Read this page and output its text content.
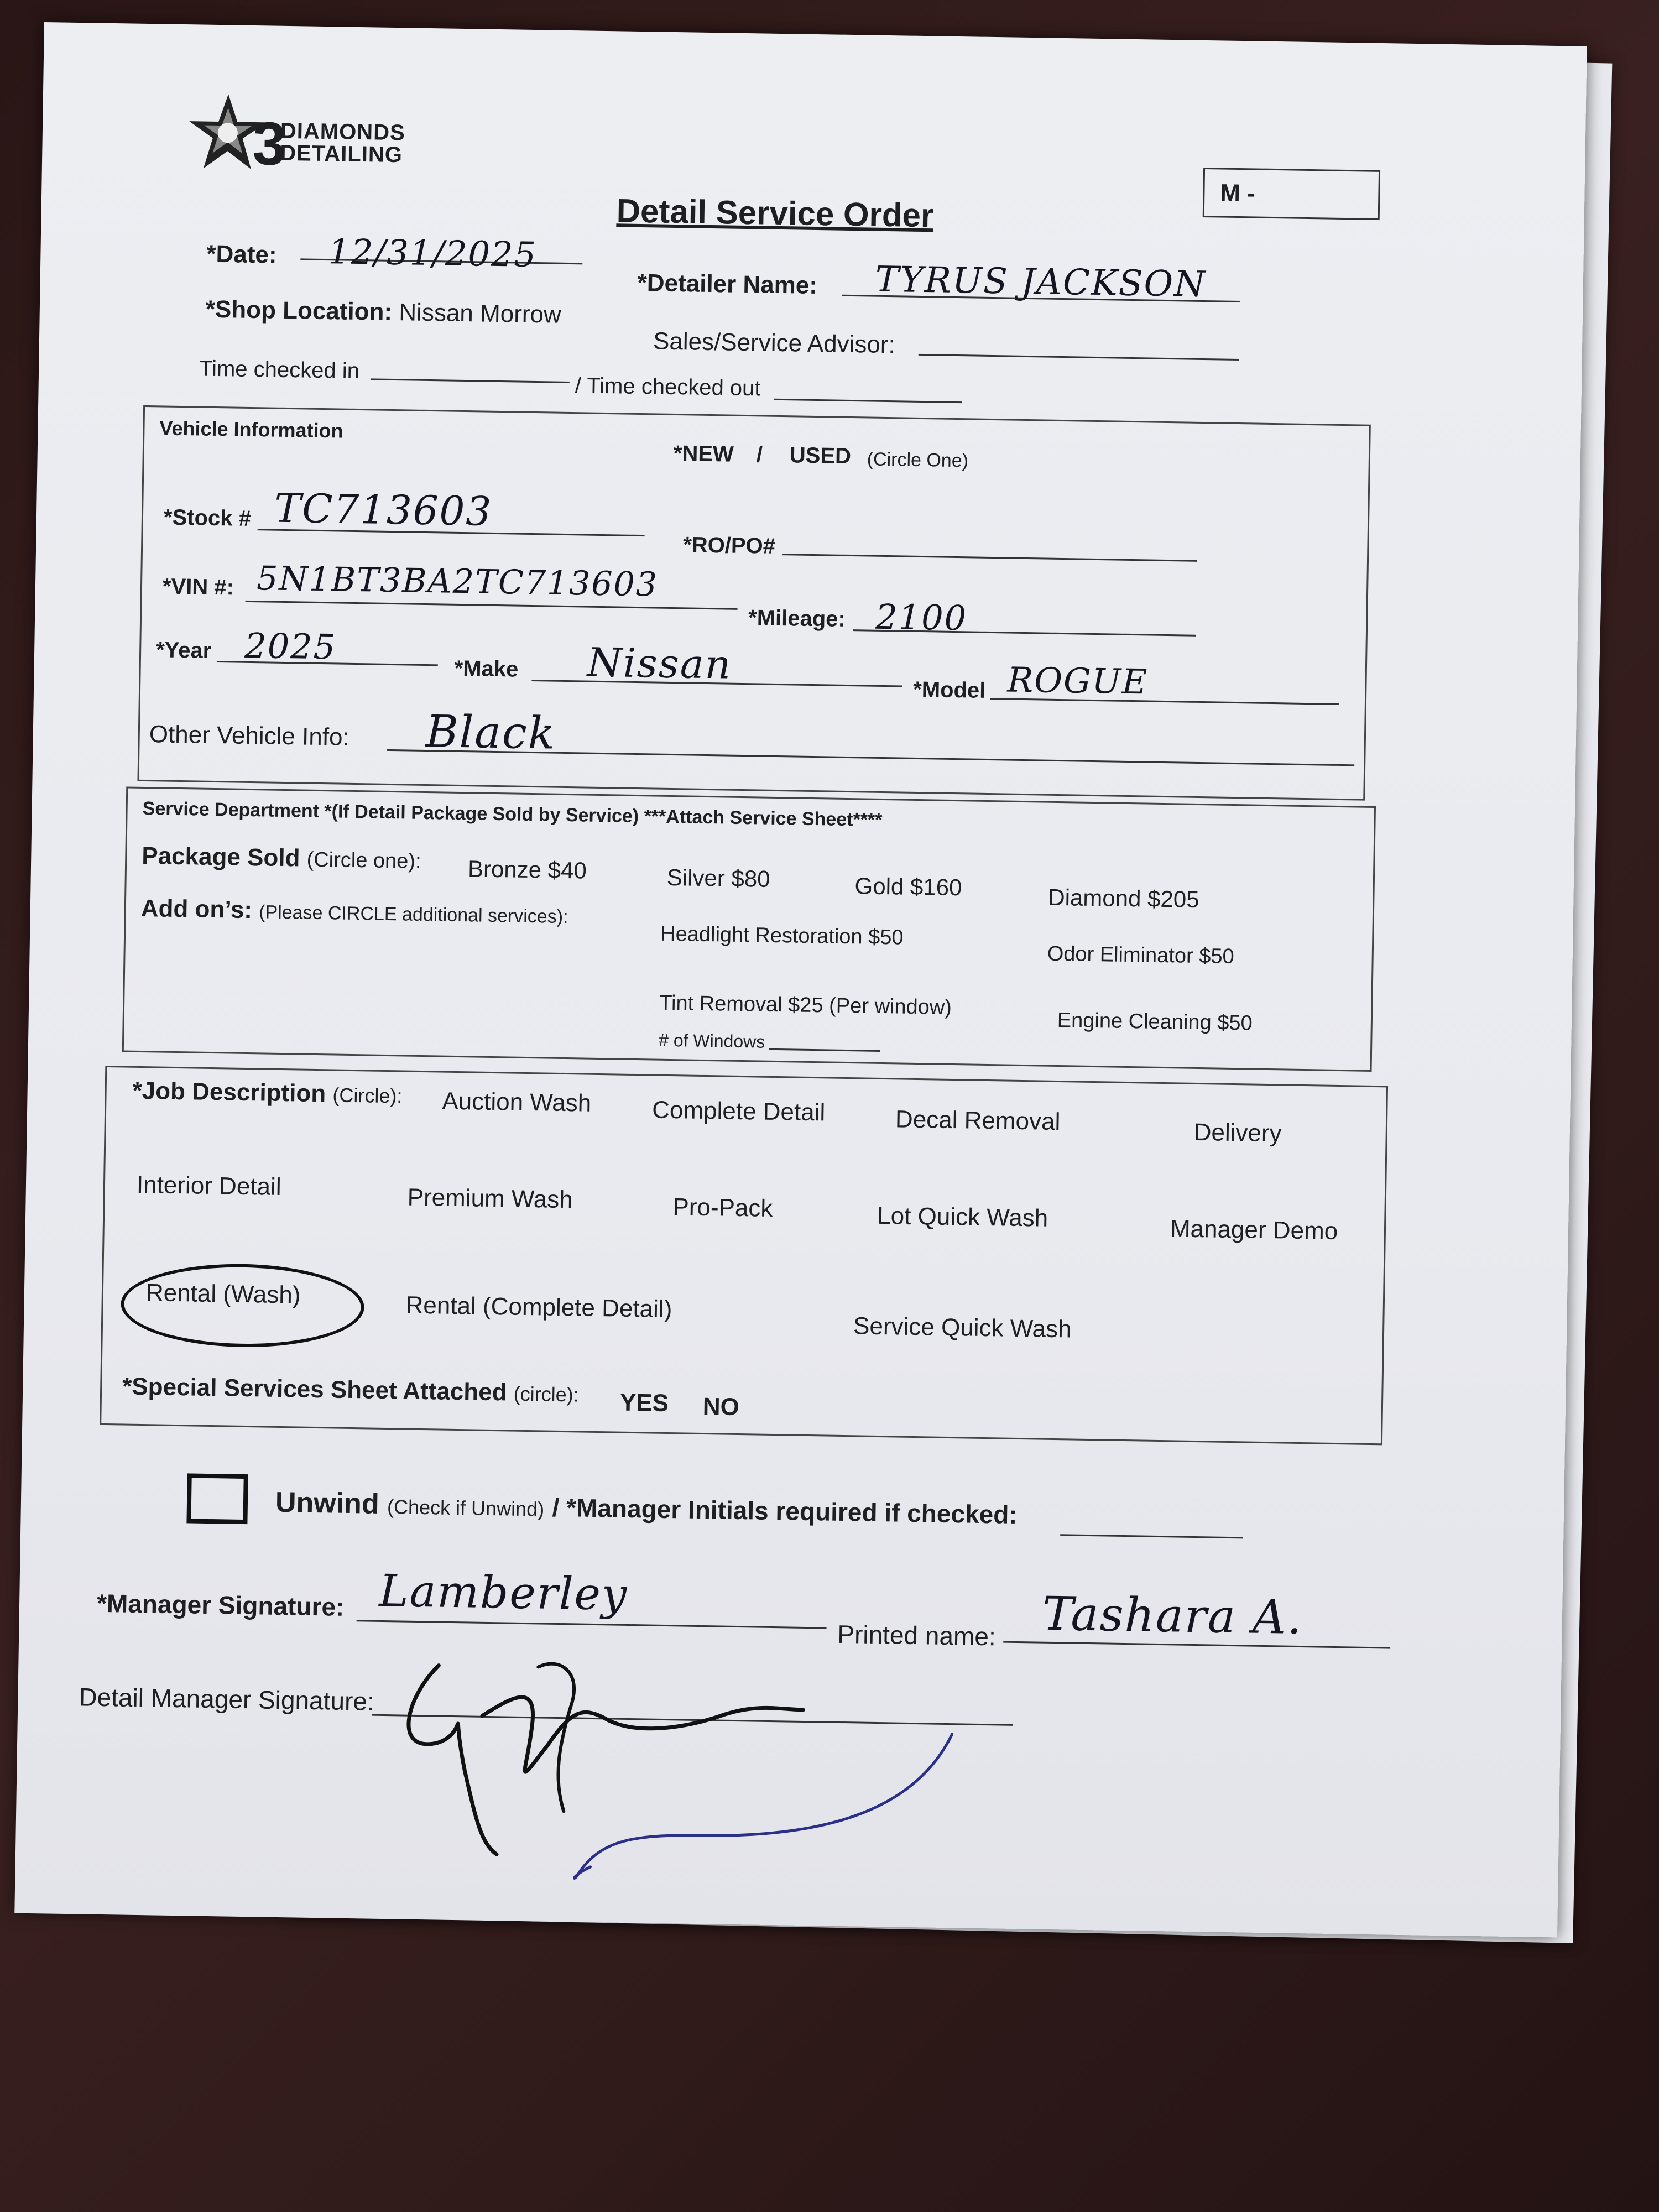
3
DIAMONDS
DETAILING
M -
Detail Service Order
*Date: 12/31/2025
*Detailer Name: TYRUS JACKSON
*Shop Location: Nissan Morrow
Sales/Service Advisor:
Time checked in
/ Time checked out
Vehicle Information
*NEW / USED (Circle One)
*Stock # TC713603
*RO/PO#
*VIN #: 5N1BT3BA2TC713603
*Mileage: 2100
*Year 2025
*Make Nissan
*Model ROGUE
Other Vehicle Info: Black
Service Department *(If Detail Package Sold by Service) ***Attach Service Sheet****
Package Sold (Circle one): Bronze $40	Silver $80	Gold $160	Diamond $205
Add on’s: (Please CIRCLE additional services):
Headlight Restoration $50
Odor Eliminator $50
Tint Removal $25 (Per window)
Engine Cleaning $50
# of Windows
*Job Description (Circle): Auction Wash Complete Detail	Decal Removal	Delivery
Interior Detail	Premium Wash	Pro-Pack	Lot Quick Wash	Manager Demo
Rental (Wash)	Rental (Complete Detail)
Service Quick Wash
*Special Services Sheet Attached (circle): YES NO
Unwind (Check if Unwind) / *Manager Initials required if checked:
*Manager Signature: Lamberley
Printed name: Tashara A.
Detail Manager Signature:
